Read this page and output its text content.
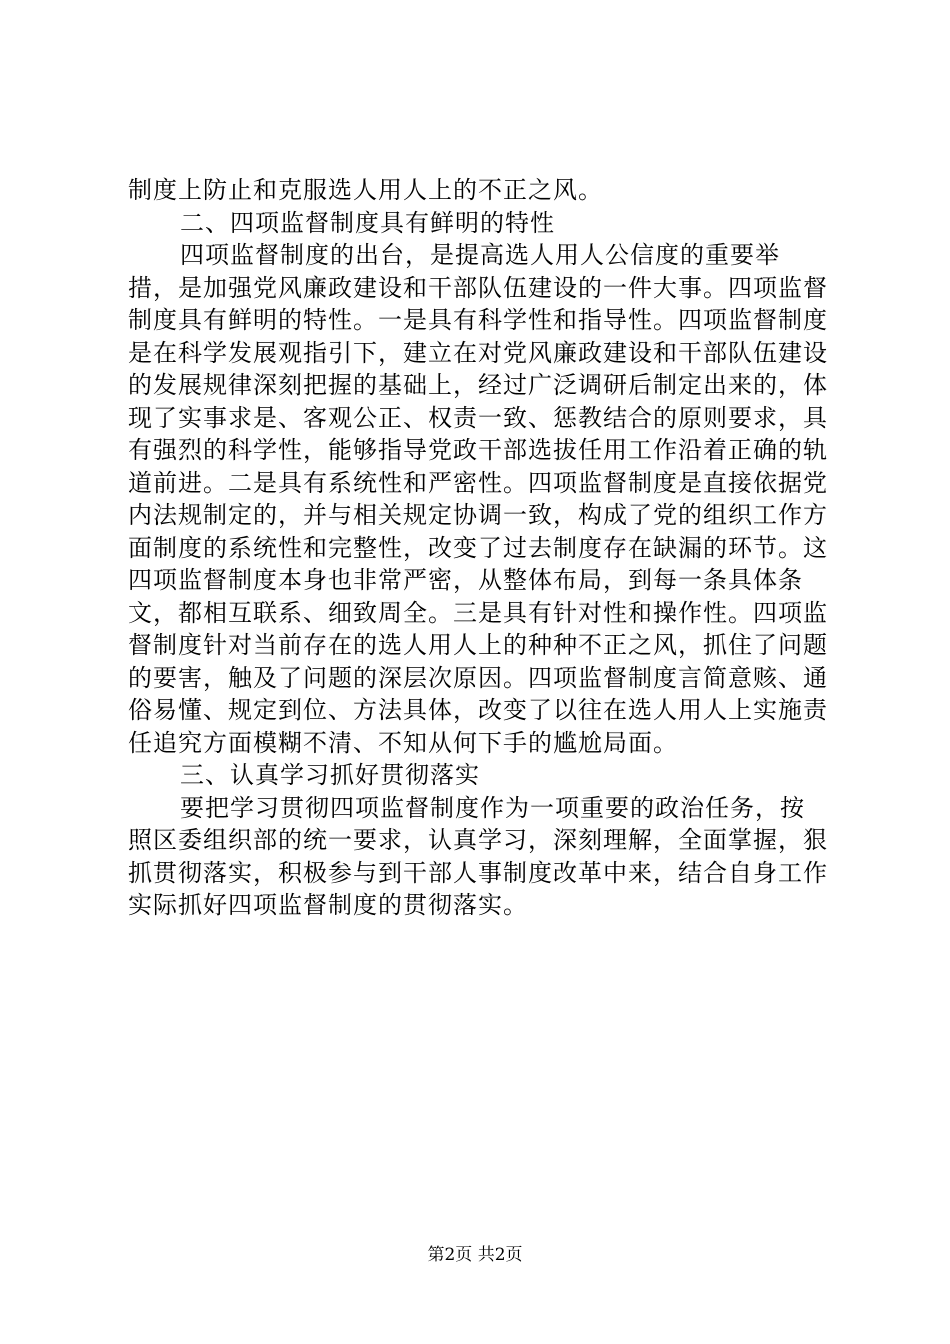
制度上防止和克服选人用人上的不正之风。

二、四项监督制度具有鲜明的特性

四项监督制度的出台，是提高选人用人公信度的重要举措，是加强党风廉政建设和干部队伍建设的一件大事。四项监督制度具有鲜明的特性。一是具有科学性和指导性。四项监督制度是在科学发展观指引下，建立在对党风廉政建设和干部队伍建设的发展规律深刻把握的基础上，经过广泛调研后制定出来的，体现了实事求是、客观公正、权责一致、惩教结合的原则要求，具有强烈的科学性，能够指导党政干部选拔任用工作沿着正确的轨道前进。二是具有系统性和严密性。四项监督制度是直接依据党内法规制定的，并与相关规定协调一致，构成了党的组织工作方面制度的系统性和完整性，改变了过去制度存在缺漏的环节。这四项监督制度本身也非常严密，从整体布局，到每一条具体条文，都相互联系、细致周全。三是具有针对性和操作性。四项监督制度针对当前存在的选人用人上的种种不正之风，抓住了问题的要害，触及了问题的深层次原因。四项监督制度言简意赅、通俗易懂、规定到位、方法具体，改变了以往在选人用人上实施责任追究方面模糊不清、不知从何下手的尴尬局面。

三、认真学习抓好贯彻落实

要把学习贯彻四项监督制度作为一项重要的政治任务，按照区委组织部的统一要求，认真学习，深刻理解，全面掌握，狠抓贯彻落实，积极参与到干部人事制度改革中来，结合自身工作实际抓好四项监督制度的贯彻落实。

第2页 共2页
